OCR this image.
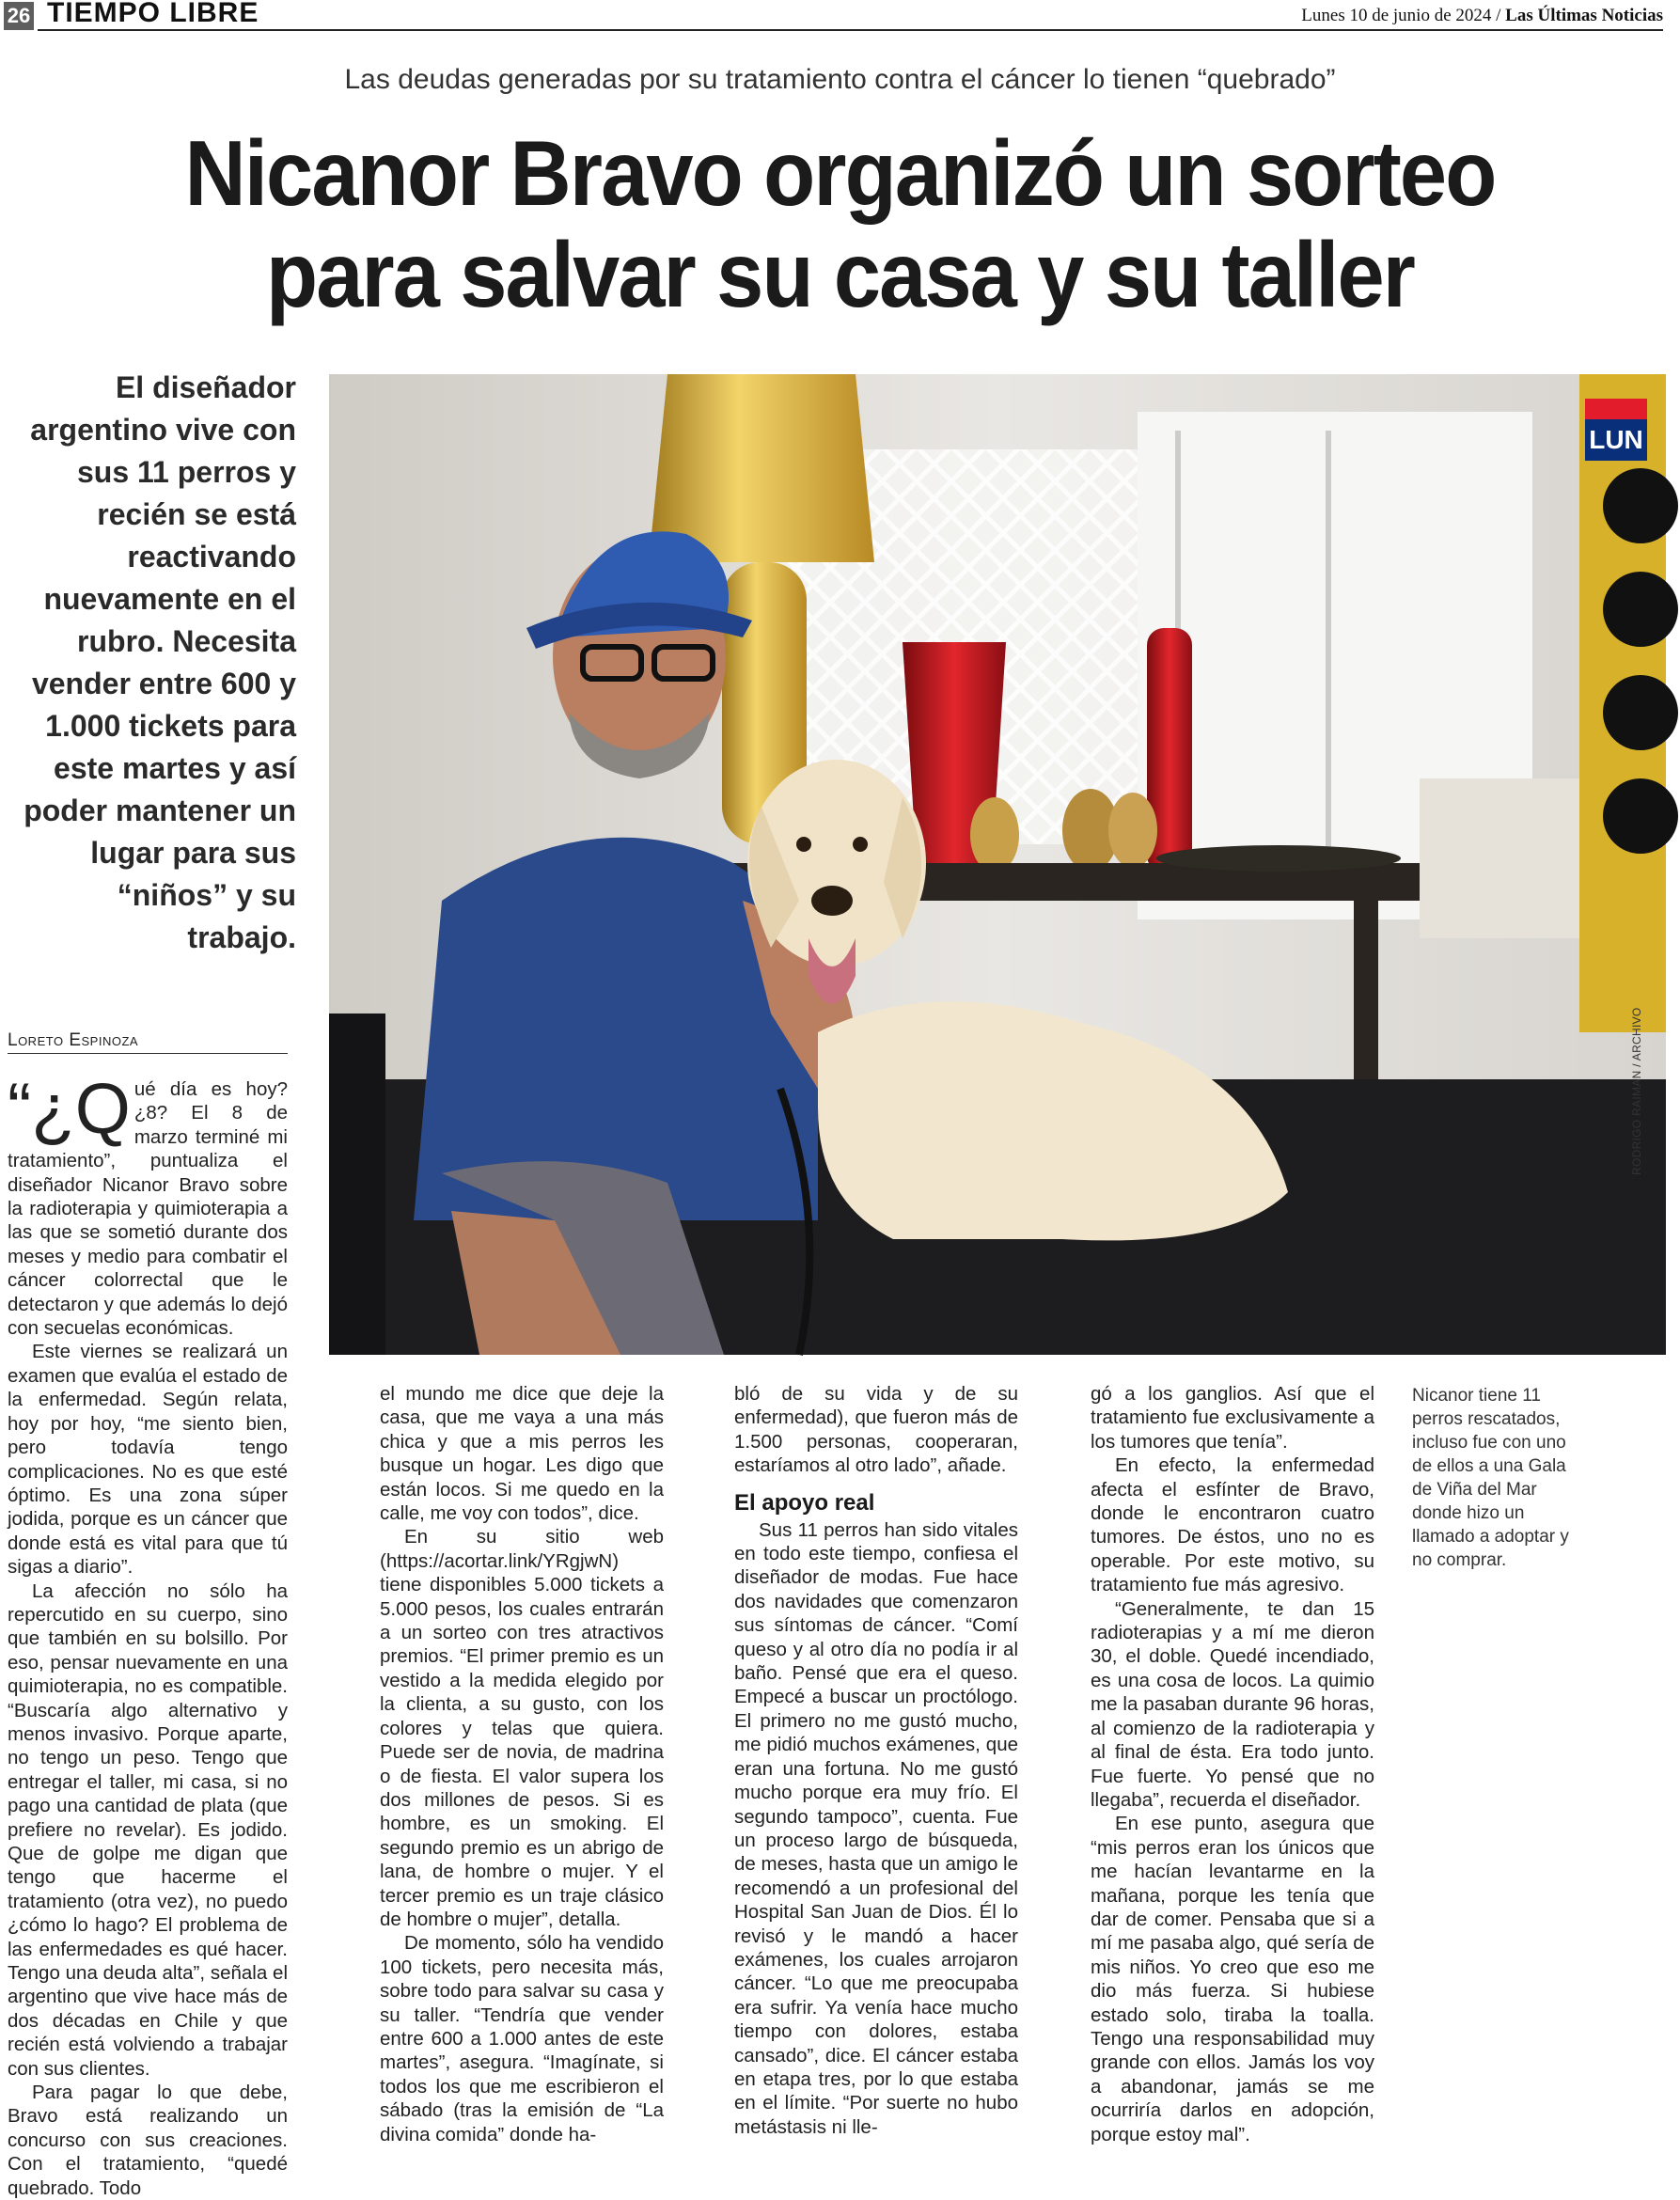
26 TIEMPO LIBRE	Lunes 10 de junio de 2024 / Las Últimas Noticias
Las deudas generadas por su tratamiento contra el cáncer lo tienen “quebrado”
Nicanor Bravo organizó un sorteo
para salvar su casa y su taller
El diseñador argentino vive con sus 11 perros y recién se está reactivando nuevamente en el rubro. Necesita vender entre 600 y 1.000 tickets para este martes y así poder mantener un lugar para sus “niños” y su trabajo.
Loreto Espinoza
LUN
RODRIGO RAIMAN / ARCHIVO

“¿Q ué día es hoy? ¿8? El 8 de marzo terminé mi tratamiento”, puntualiza el diseñador Nicanor Bravo sobre la radioterapia y quimioterapia a las que se sometió durante dos meses y medio para combatir el cáncer colorrectal que le detectaron y que además lo dejó con secuelas económicas.

Este viernes se realizará un examen que evalúa el estado de la enfermedad. Según relata, hoy por hoy, “me siento bien, pero todavía tengo complicaciones. No es que esté óptimo. Es una zona súper jodida, porque es un cáncer que donde está es vital para que tú sigas a diario”.

La afección no sólo ha repercutido en su cuerpo, sino que también en su bolsillo. Por eso, pensar nuevamente en una quimioterapia, no es compatible. “Buscaría algo alternativo y menos invasivo. Porque aparte, no tengo un peso. Tengo que entregar el taller, mi casa, si no pago una cantidad de plata (que prefiere no revelar). Es jodido. Que de golpe me digan que tengo que hacerme el tratamiento (otra vez), no puedo ¿cómo lo hago? El problema de las enfermedades es qué hacer. Tengo una deuda alta”, señala el argentino que vive hace más de dos décadas en Chile y que recién está volviendo a trabajar con sus clientes.

Para pagar lo que debe, Bravo está realizando un concurso con sus creaciones. Con el tratamiento, “quedé quebrado. Todo

el mundo me dice que deje la casa, que me vaya a una más chica y que a mis perros les busque un hogar. Les digo que están locos. Si me quedo en la calle, me voy con todos”, dice.

En su sitio web (https://acortar.link/YRgjwN) tiene disponibles 5.000 tickets a 5.000 pesos, los cuales entrarán a un sorteo con tres atractivos premios. “El primer premio es un vestido a la medida elegido por la clienta, a su gusto, con los colores y telas que quiera. Puede ser de novia, de madrina o de fiesta. El valor supera los dos millones de pesos. Si es hombre, es un smoking. El segundo premio es un abrigo de lana, de hombre o mujer. Y el tercer premio es un traje clásico de hombre o mujer”, detalla.

De momento, sólo ha vendido 100 tickets, pero necesita más, sobre todo para salvar su casa y su taller. “Tendría que vender entre 600 a 1.000 antes de este martes”, asegura. “Imagínate, si todos los que me escribieron el sábado (tras la emisión de “La divina comida” donde ha-

bló de su vida y de su enfermedad), que fueron más de 1.500 personas, cooperaran, estaríamos al otro lado”, añade.

El apoyo real

Sus 11 perros han sido vitales en todo este tiempo, confiesa el diseñador de modas. Fue hace dos navidades que comenzaron sus síntomas de cáncer. “Comí queso y al otro día no podía ir al baño. Pensé que era el queso. Empecé a buscar un proctólogo. El primero no me gustó mucho, me pidió muchos exámenes, que eran una fortuna. No me gustó mucho porque era muy frío. El segundo tampoco”, cuenta. Fue un proceso largo de búsqueda, de meses, hasta que un amigo le recomendó a un profesional del Hospital San Juan de Dios. Él lo revisó y le mandó a hacer exámenes, los cuales arrojaron cáncer. “Lo que me preocupaba era sufrir. Ya venía hace mucho tiempo con dolores, estaba cansado”, dice. El cáncer estaba en etapa tres, por lo que estaba en el límite. “Por suerte no hubo metástasis ni lle-

gó a los ganglios. Así que el tratamiento fue exclusivamente a los tumores que tenía”.

En efecto, la enfermedad afecta el esfínter de Bravo, donde le encontraron cuatro tumores. De éstos, uno no es operable. Por este motivo, su tratamiento fue más agresivo.

“Generalmente, te dan 15 radioterapias y a mí me dieron 30, el doble. Quedé incendiado, es una cosa de locos. La quimio me la pasaban durante 96 horas, al comienzo de la radioterapia y al final de ésta. Era todo junto. Fue fuerte. Yo pensé que no llegaba”, recuerda el diseñador.

En ese punto, asegura que “mis perros eran los únicos que me hacían levantarme en la mañana, porque les tenía que dar de comer. Pensaba que si a mí me pasaba algo, qué sería de mis niños. Yo creo que eso me dio más fuerza. Si hubiese estado solo, tiraba la toalla. Tengo una responsabilidad muy grande con ellos. Jamás los voy a abandonar, jamás se me ocurriría darlos en adopción, porque estoy mal”.

Nicanor tiene 11 perros rescatados, incluso fue con uno de ellos a una Gala de Viña del Mar donde hizo un llamado a adoptar y no comprar.
